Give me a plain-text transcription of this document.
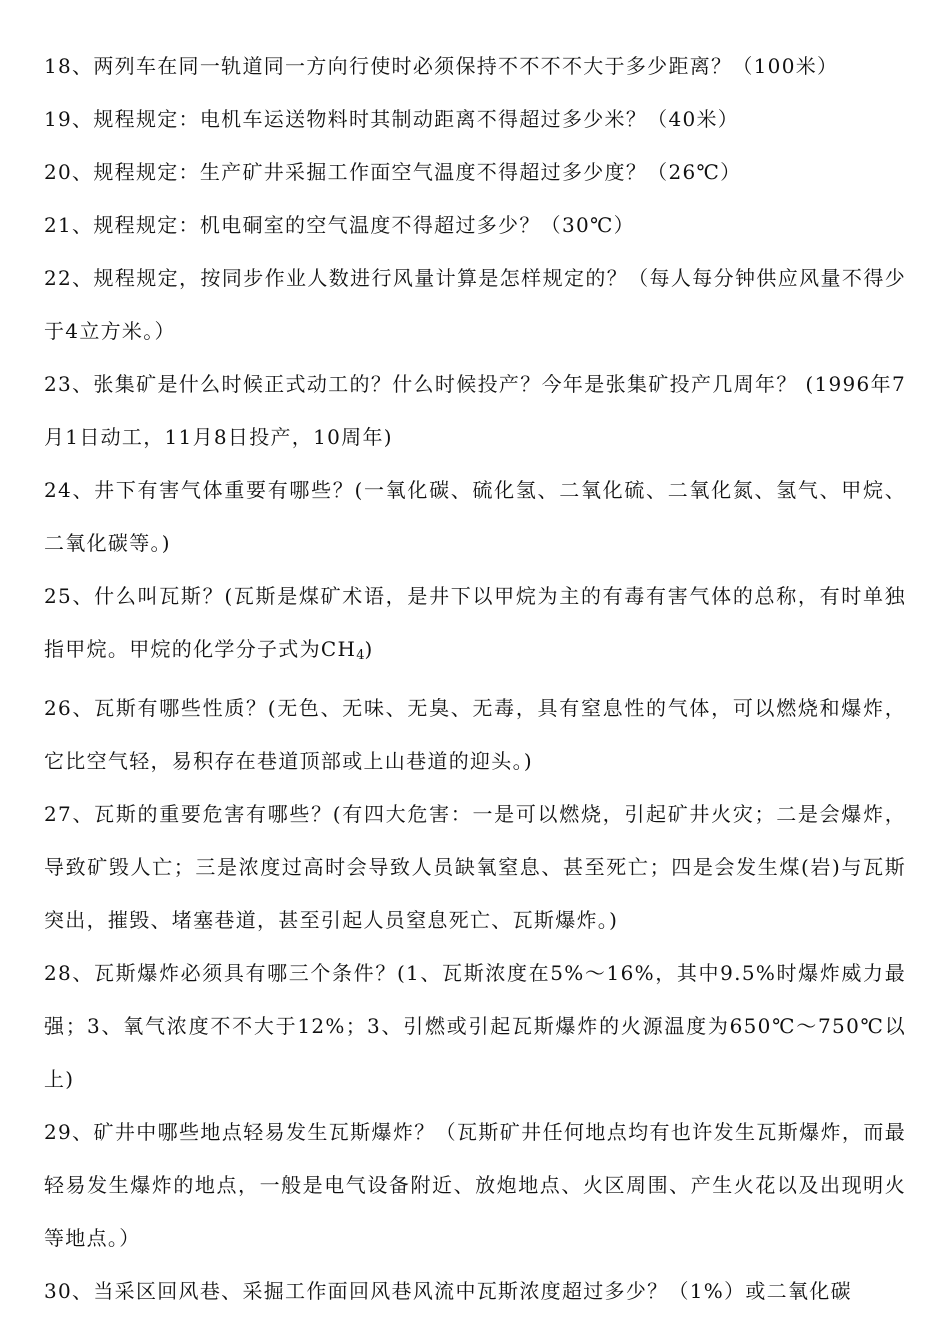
18、两列车在同一轨道同一方向行使时必须保持不不不不大于多少距离？（100米）

19、规程规定：电机车运送物料时其制动距离不得超过多少米？（40米）

20、规程规定：生产矿井采掘工作面空气温度不得超过多少度？（26℃）

21、规程规定：机电硐室的空气温度不得超过多少？（30℃）

22、规程规定，按同步作业人数进行风量计算是怎样规定的？（每人每分钟供应风量不得少于4立方米。）

23、张集矿是什么时候正式动工的？什么时候投产？今年是张集矿投产几周年？ (1996年7月1日动工，11月8日投产，10周年)

24、井下有害气体重要有哪些？(一氧化碳、硫化氢、二氧化硫、二氧化氮、氢气、甲烷、二氧化碳等。)

25、什么叫瓦斯？(瓦斯是煤矿术语，是井下以甲烷为主的有毒有害气体的总称，有时单独指甲烷。甲烷的化学分子式为$CH_4$)

26、瓦斯有哪些性质？(无色、无味、无臭、无毒，具有窒息性的气体，可以燃烧和爆炸，它比空气轻，易积存在巷道顶部或上山巷道的迎头。)

27、瓦斯的重要危害有哪些？(有四大危害：一是可以燃烧，引起矿井火灾；二是会爆炸，导致矿毁人亡；三是浓度过高时会导致人员缺氧窒息、甚至死亡；四是会发生煤(岩)与瓦斯突出，摧毁、堵塞巷道，甚至引起人员窒息死亡、瓦斯爆炸。)

28、瓦斯爆炸必须具有哪三个条件？(1、瓦斯浓度在5%～16%，其中9.5%时爆炸威力最强；3、氧气浓度不不大于12%；3、引燃或引起瓦斯爆炸的火源温度为650℃～750℃以上)

29、矿井中哪些地点轻易发生瓦斯爆炸？（瓦斯矿井任何地点均有也许发生瓦斯爆炸，而最轻易发生爆炸的地点，一般是电气设备附近、放炮地点、火区周围、产生火花以及出现明火等地点。）

30、当采区回风巷、采掘工作面回风巷风流中瓦斯浓度超过多少？（1%）或二氧化碳
